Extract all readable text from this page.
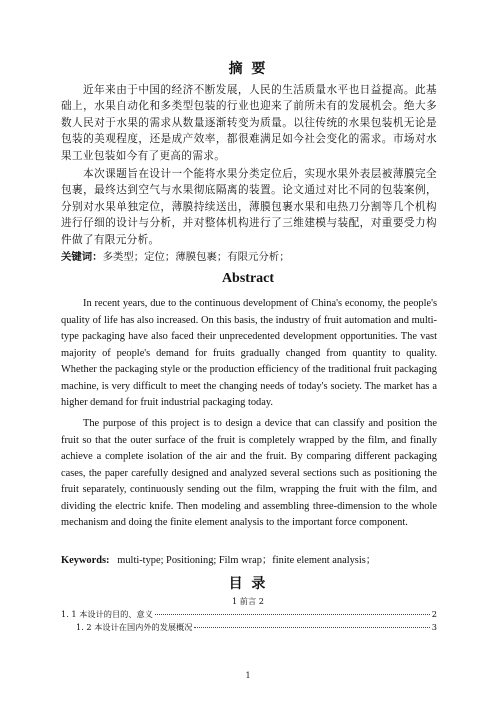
摘 要

近年来由于中国的经济不断发展，人民的生活质量水平也日益提高。此基础上，水果自动化和多类型包装的行业也迎来了前所未有的发展机会。绝大多数人民对于水果的需求从数量逐渐转变为质量。以往传统的水果包装机无论是包装的美观程度，还是成产效率，都很难满足如今社会变化的需求。市场对水果工业包装如今有了更高的需求。

本次课题旨在设计一个能将水果分类定位后，实现水果外表层被薄膜完全包裹，最终达到空气与水果彻底隔离的装置。论文通过对比不同的包装案例，分别对水果单独定位，薄膜持续送出，薄膜包裹水果和电热刀分割等几个机构进行仔细的设计与分析，并对整体机构进行了三维建模与装配，对重要受力构件做了有限元分析。

关键词：多类型；定位；薄膜包裹；有限元分析；
Abstract

In recent years, due to the continuous development of China's economy, the people's quality of life has also increased. On this basis, the industry of fruit automation and multi-type packaging have also faced their unprecedented development opportunities. The vast majority of people's demand for fruits gradually changed from quantity to quality. Whether the packaging style or the production efficiency of the traditional fruit packaging machine, is very difficult to meet the changing needs of today's society. The market has a higher demand for fruit industrial packaging today.

The purpose of this project is to design a device that can classify and position the fruit so that the outer surface of the fruit is completely wrapped by the film, and finally achieve a complete isolation of the air and the fruit. By comparing different packaging cases, the paper carefully designed and analyzed several sections such as positioning the fruit separately, continuously sending out the film, wrapping the fruit with the film, and dividing the electric knife. Then modeling and assembling three-dimension to the whole mechanism and doing the finite element analysis to the important force component.

Keywords: multi-type; Positioning; Film wrap；finite element analysis；
目 录
1 前言 2
1. 1 本设计的目的、意义	2
1. 2 本设计在国内外的发展概况	3
1
